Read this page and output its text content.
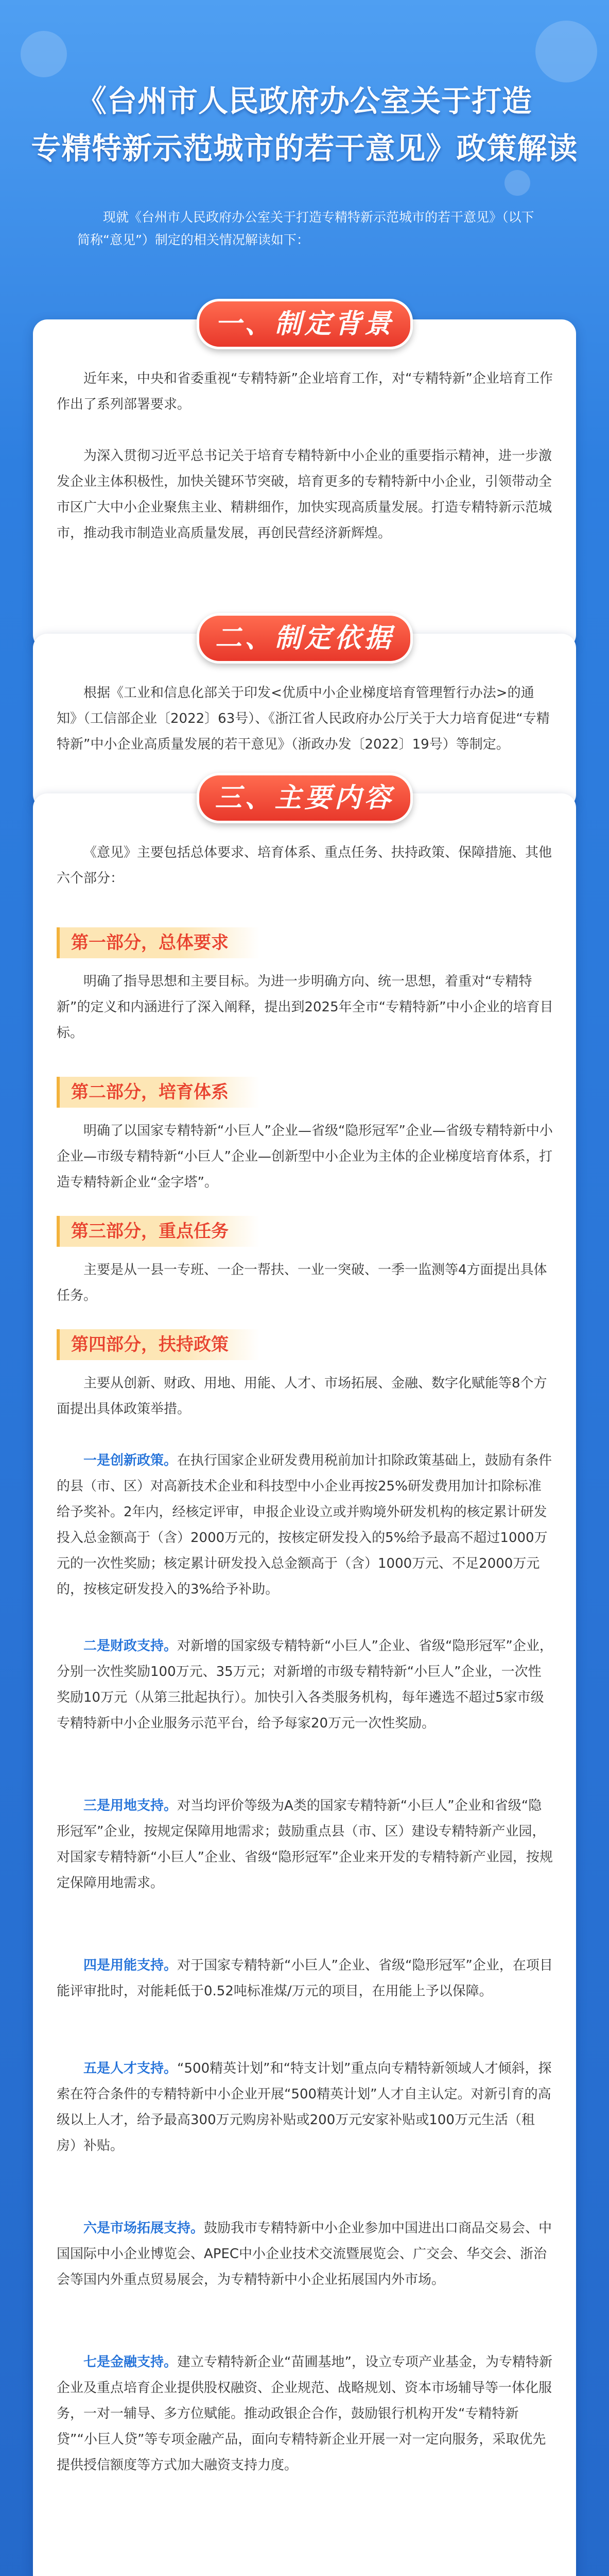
《台州市人民政府办公室关于打造
专精特新示范城市的若干意见》政策解读
现就《台州市人民政府办公室关于打造专精特新示范城市的若干意见》（以下简称“意见”）制定的相关情况解读如下：
一、制定背景
近年来，中央和省委重视“专精特新”企业培育工作，对“专精特新”企业培育工作作出了系列部署要求。
为深入贯彻习近平总书记关于培育专精特新中小企业的重要指示精神，进一步激发企业主体积极性，加快关键环节突破，培育更多的专精特新中小企业，引领带动全市区广大中小企业聚焦主业、精耕细作，加快实现高质量发展。打造专精特新示范城市，推动我市制造业高质量发展，再创民营经济新辉煌。
二、制定依据
根据《工业和信息化部关于印发<优质中小企业梯度培育管理暂行办法>的通知》（工信部企业〔2022〕63号）、《浙江省人民政府办公厅关于大力培育促进“专精特新”中小企业高质量发展的若干意见》（浙政办发〔2022〕19号）等制定。
三、主要内容
《意见》主要包括总体要求、培育体系、重点任务、扶持政策、保障措施、其他六个部分：
第一部分，总体要求
明确了指导思想和主要目标。为进一步明确方向、统一思想，着重对“专精特新”的定义和内涵进行了深入阐释，提出到2025年全市“专精特新”中小企业的培育目标。
第二部分，培育体系
明确了以国家专精特新“小巨人”企业—省级“隐形冠军”企业—省级专精特新中小企业—市级专精特新“小巨人”企业—创新型中小企业为主体的企业梯度培育体系，打造专精特新企业“金字塔”。
第三部分，重点任务
主要是从一县一专班、一企一帮扶、一业一突破、一季一监测等4方面提出具体任务。
第四部分，扶持政策
主要从创新、财政、用地、用能、人才、市场拓展、金融、数字化赋能等8个方面提出具体政策举措。
一是创新政策。在执行国家企业研发费用税前加计扣除政策基础上，鼓励有条件的县（市、区）对高新技术企业和科技型中小企业再按25%研发费用加计扣除标准给予奖补。2年内，经核定评审，申报企业设立或并购境外研发机构的核定累计研发投入总金额高于（含）2000万元的，按核定研发投入的5%给予最高不超过1000万元的一次性奖励；核定累计研发投入总金额高于（含）1000万元、不足2000万元的，按核定研发投入的3%给予补助。
二是财政支持。对新增的国家级专精特新“小巨人”企业、省级“隐形冠军”企业，分别一次性奖励100万元、35万元；对新增的市级专精特新“小巨人”企业，一次性奖励10万元（从第三批起执行）。加快引入各类服务机构，每年遴选不超过5家市级专精特新中小企业服务示范平台，给予每家20万元一次性奖励。
三是用地支持。对当均评价等级为A类的国家专精特新“小巨人”企业和省级“隐形冠军”企业，按规定保障用地需求；鼓励重点县（市、区）建设专精特新产业园，对国家专精特新“小巨人”企业、省级“隐形冠军”企业来开发的专精特新产业园，按规定保障用地需求。
四是用能支持。对于国家专精特新“小巨人”企业、省级“隐形冠军”企业，在项目能评审批时，对能耗低于0.52吨标准煤/万元的项目，在用能上予以保障。
五是人才支持。“500精英计划”和“特支计划”重点向专精特新领域人才倾斜，探索在符合条件的专精特新中小企业开展“500精英计划”人才自主认定。对新引育的高级以上人才，给予最高300万元购房补贴或200万元安家补贴或100万元生活（租房）补贴。
六是市场拓展支持。鼓励我市专精特新中小企业参加中国进出口商品交易会、中国国际中小企业博览会、APEC中小企业技术交流暨展览会、广交会、华交会、浙治会等国内外重点贸易展会，为专精特新中小企业拓展国内外市场。
七是金融支持。建立专精特新企业“苗圃基地”，设立专项产业基金，为专精特新企业及重点培育企业提供股权融资、企业规范、战略规划、资本市场辅导等一体化服务，一对一辅导、多方位赋能。推动政银企合作，鼓励银行机构开发“专精特新贷”“小巨人贷”等专项金融产品，面向专精特新企业开展一对一定向服务，采取优先提供授信额度等方式加大融资支持力度。
